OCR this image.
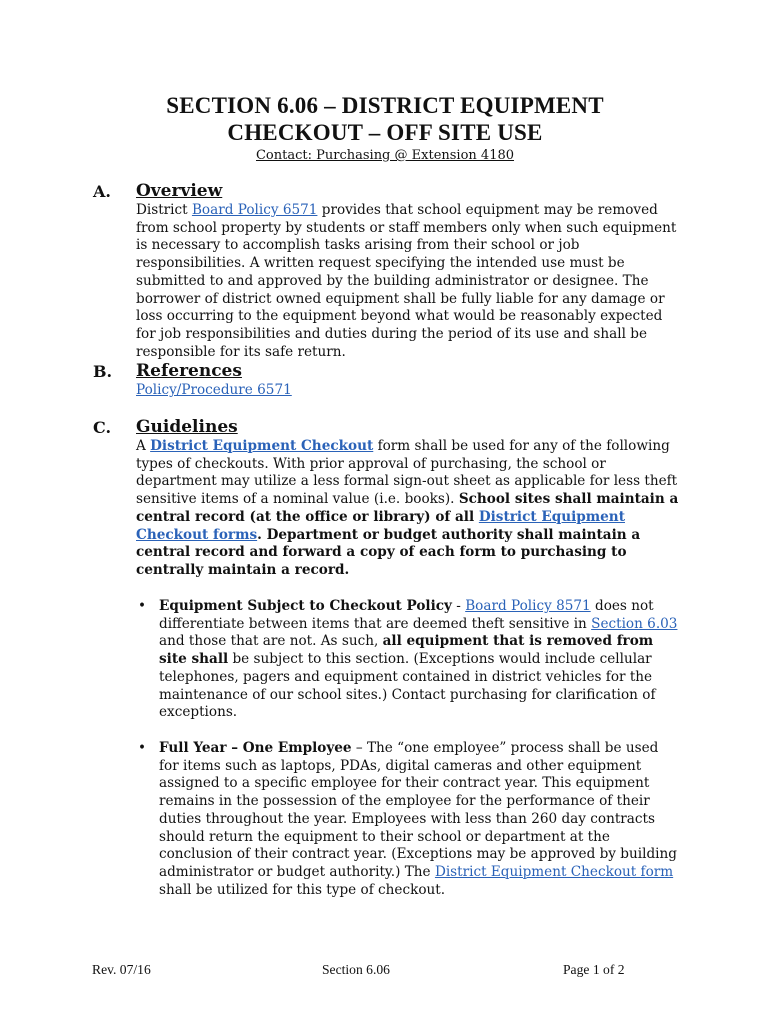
SECTION 6.06 – DISTRICT EQUIPMENT
CHECKOUT – OFF SITE USE
Contact: Purchasing @ Extension 4180
A. Overview

District Board Policy 6571 provides that school equipment may be removed from school property by students or staff members only when such equipment is necessary to accomplish tasks arising from their school or job responsibilities. A written request specifying the intended use must be submitted to and approved by the building administrator or designee. The borrower of district owned equipment shall be fully liable for any damage or loss occurring to the equipment beyond what would be reasonably expected for job responsibilities and duties during the period of its use and shall be responsible for its safe return.

B. References

Policy/Procedure 6571

C. Guidelines

A District Equipment Checkout form shall be used for any of the following types of checkouts. With prior approval of purchasing, the school or department may utilize a less formal sign-out sheet as applicable for less theft sensitive items of a nominal value (i.e. books). School sites shall maintain a central record (at the office or library) of all District Equipment Checkout forms. Department or budget authority shall maintain a central record and forward a copy of each form to purchasing to centrally maintain a record.

• Equipment Subject to Checkout Policy - Board Policy 8571 does not differentiate between items that are deemed theft sensitive in Section 6.03 and those that are not. As such, all equipment that is removed from site shall be subject to this section. (Exceptions would include cellular telephones, pagers and equipment contained in district vehicles for the maintenance of our school sites.) Contact purchasing for clarification of exceptions.
• Full Year – One Employee – The “one employee” process shall be used for items such as laptops, PDAs, digital cameras and other equipment assigned to a specific employee for their contract year. This equipment remains in the possession of the employee for the performance of their duties throughout the year. Employees with less than 260 day contracts should return the equipment to their school or department at the conclusion of their contract year. (Exceptions may be approved by building administrator or budget authority.) The District Equipment Checkout form shall be utilized for this type of checkout.
Rev. 07/16	Section 6.06	Page 1 of 2
